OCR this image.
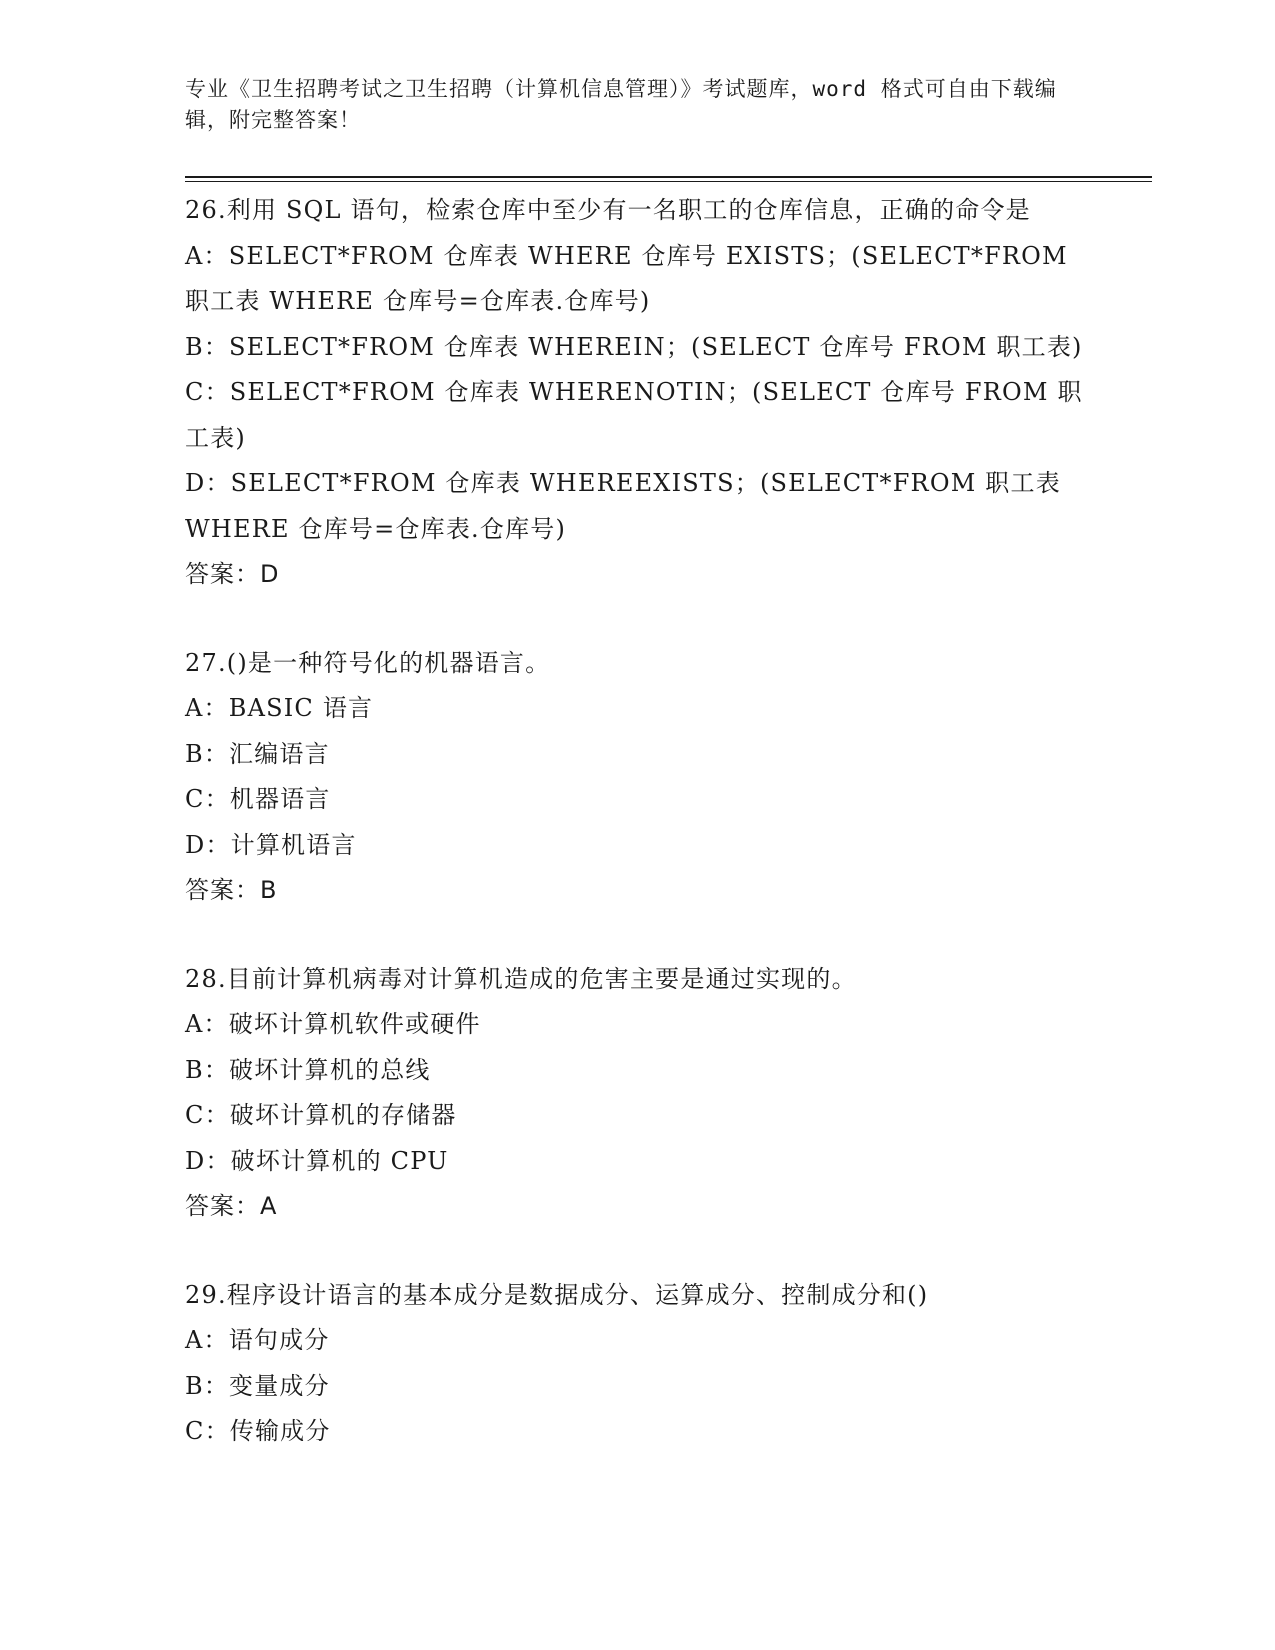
专业《卫生招聘考试之卫生招聘（计算机信息管理）》考试题库，word 格式可自由下载编辑，附完整答案！
26.利用 SQL 语句，检索仓库中至少有一名职工的仓库信息，正确的命令是
A：SELECT*FROM 仓库表 WHERE 仓库号 EXISTS；(SELECT*FROM 职工表 WHERE 仓库号=仓库表.仓库号)
B：SELECT*FROM 仓库表 WHEREIN；(SELECT 仓库号 FROM 职工表)
C：SELECT*FROM 仓库表 WHERENOTIN；(SELECT 仓库号 FROM 职工表)
D：SELECT*FROM 仓库表 WHEREEXISTS；(SELECT*FROM 职工表 WHERE 仓库号=仓库表.仓库号)
答案：D
27.()是一种符号化的机器语言。
A：BASIC 语言
B：汇编语言
C：机器语言
D：计算机语言
答案：B
28.目前计算机病毒对计算机造成的危害主要是通过实现的。
A：破坏计算机软件或硬件
B：破坏计算机的总线
C：破坏计算机的存储器
D：破坏计算机的 CPU
答案：A
29.程序设计语言的基本成分是数据成分、运算成分、控制成分和()
A：语句成分
B：变量成分
C：传输成分
